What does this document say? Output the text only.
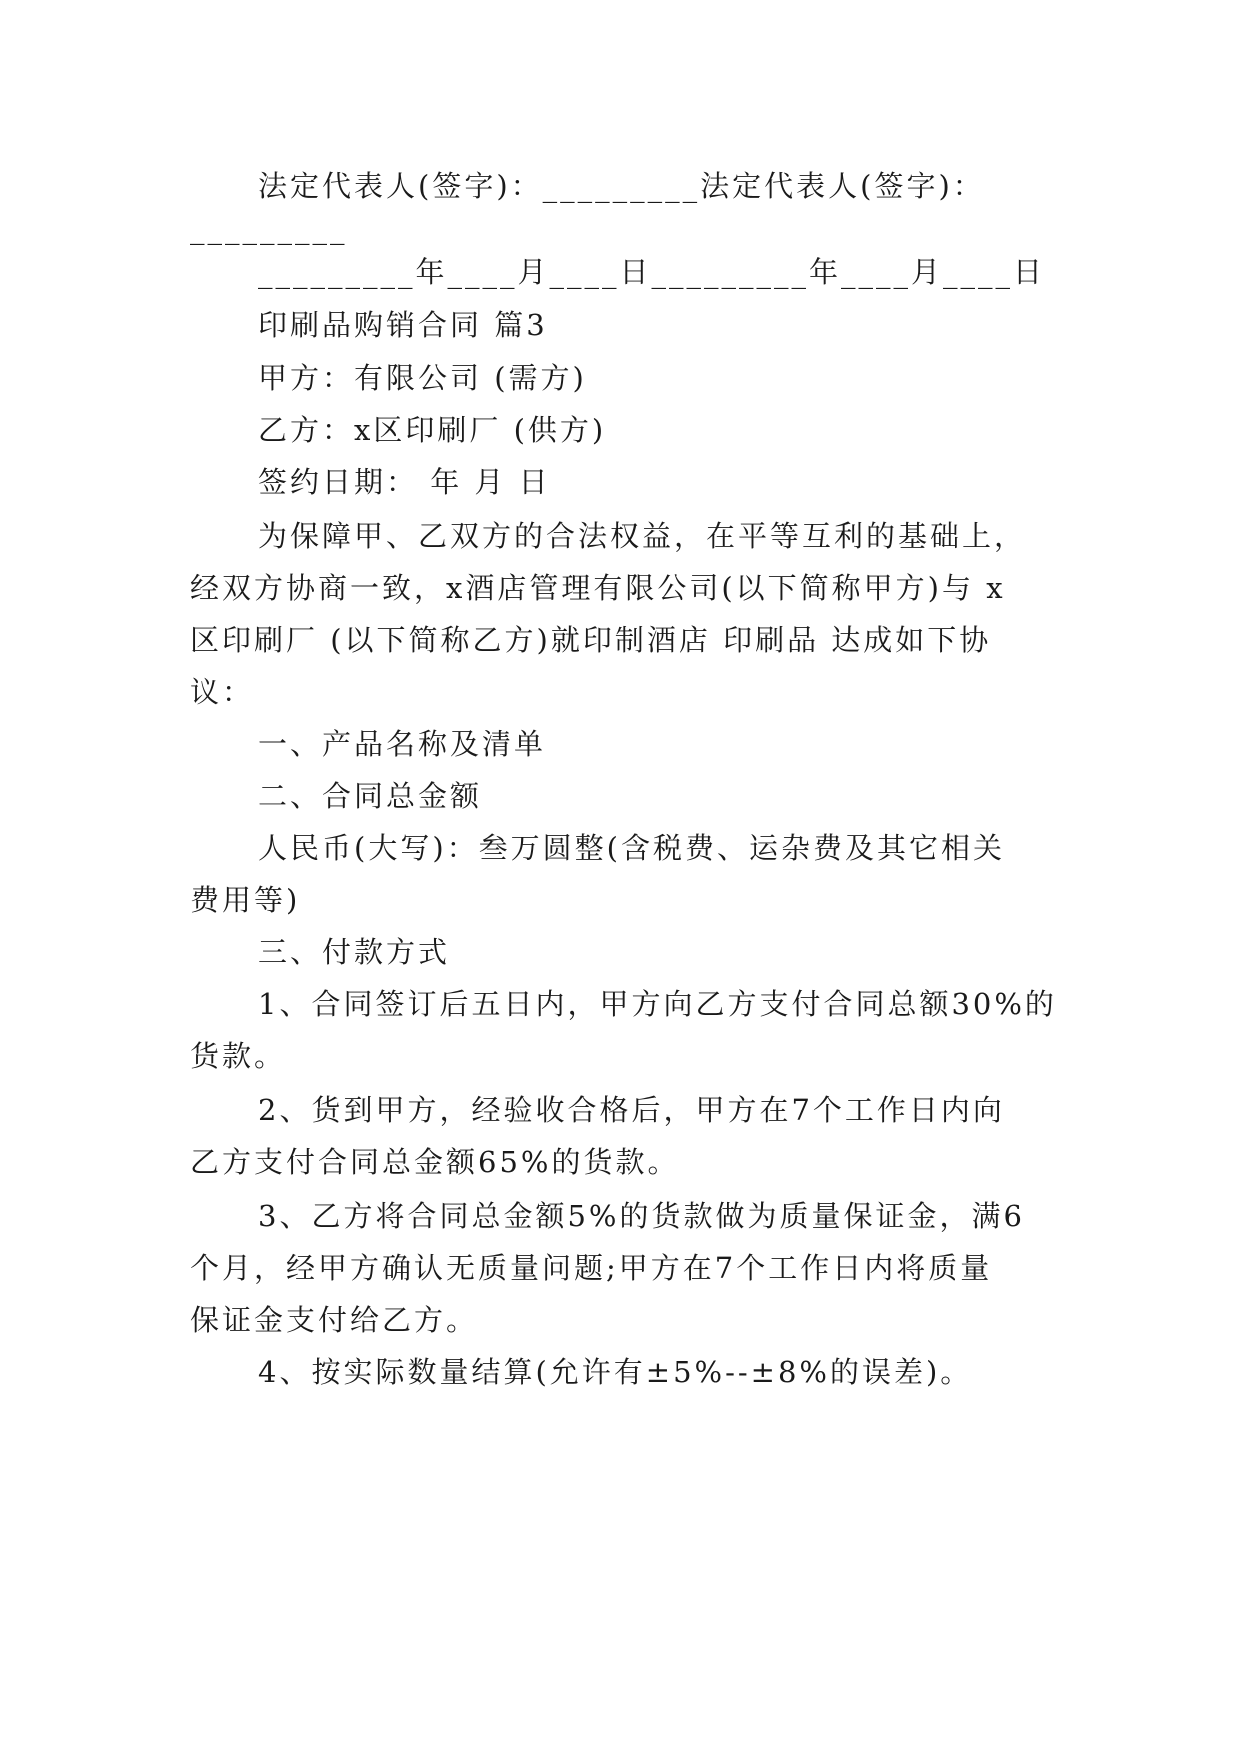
法定代表人(签字)：_________法定代表人(签字)：
_________
_________年____月____日_________年____月____日
印刷品购销合同 篇3
甲方：有限公司 (需方)
乙方：x区印刷厂 (供方)
签约日期： 年 月 日
为保障甲、乙双方的合法权益，在平等互利的基础上，
经双方协商一致，x酒店管理有限公司(以下简称甲方)与 x
区印刷厂 (以下简称乙方)就印制酒店 印刷品 达成如下协
议：
一、产品名称及清单
二、合同总金额
人民币(大写)：叁万圆整(含税费、运杂费及其它相关
费用等)
三、付款方式
1、合同签订后五日内，甲方向乙方支付合同总额30%的
货款。
2、货到甲方，经验收合格后，甲方在7个工作日内向
乙方支付合同总金额65%的货款。
3、乙方将合同总金额5%的货款做为质量保证金，满6
个月，经甲方确认无质量问题;甲方在7个工作日内将质量
保证金支付给乙方。
4、按实际数量结算(允许有±5%--±8%的误差)。
